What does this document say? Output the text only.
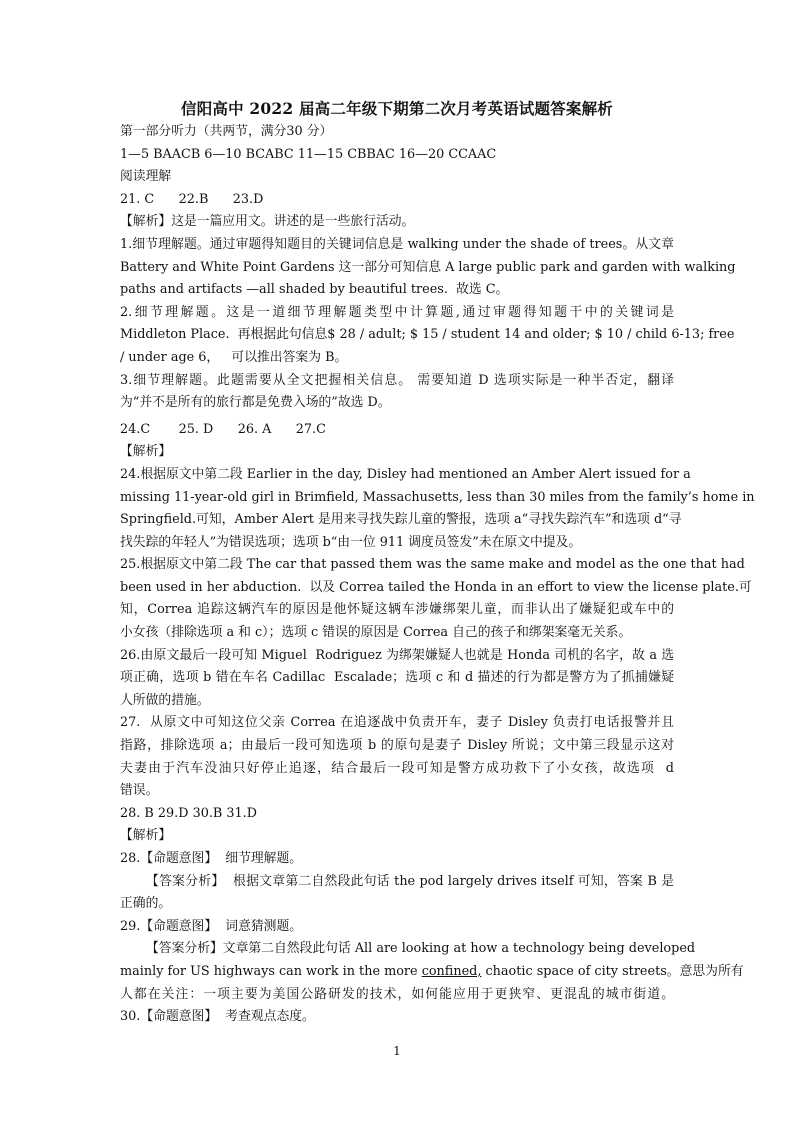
信阳高中 2022 届高二年级下期第二次月考英语试题答案解析
第一部分听力（共两节，满分30 分）
1—5 BAACB 6—10 BCABC 11—15 CBBAC 16—20 CCAAC
阅读理解
21. C      22.B      23.D
【解析】这是一篇应用文。讲述的是一些旅行活动。
1.细节理解题。通过审题得知题目的关键词信息是 walking under the shade of trees。从文章
Battery and White Point Gardens 这一部分可知信息 A large public park and garden with walking
paths and artifacts —all shaded by beautiful trees.  故选 C。
2.细节理解题。这是一道细节理解题类型中计算题,通过审题得知题干中的关键词是
Middleton Place.  再根据此句信息$ 28 / adult; $ 15 / student 14 and older; $ 10 / child 6-13; free
/ under age 6，   可以推出答案为 B。
3.细节理解题。此题需要从全文把握相关信息。 需要知道 D 选项实际是一种半否定，翻译
为“并不是所有的旅行都是免费入场的”故选 D。
24.C       25. D      26. A      27.C
【解析】
24.根据原文中第二段 Earlier in the day, Disley had mentioned an Amber Alert issued for a
missing 11-year-old girl in Brimfield, Massachusetts, less than 30 miles from the family’s home in
Springfield.可知，Amber Alert 是用来寻找失踪儿童的警报，选项 a“寻找失踪汽车”和选项 d“寻
找失踪的年轻人”为错误选项；选项 b“由一位 911 调度员签发”未在原文中提及。
25.根据原文中第二段 The car that passed them was the same make and model as the one that had
been used in her abduction.  以及 Correa tailed the Honda in an effort to view the license plate.可
知，Correa 追踪这辆汽车的原因是他怀疑这辆车涉嫌绑架儿童，而非认出了嫌疑犯或车中的
小女孩（排除选项 a 和 c）；选项 c 错误的原因是 Correa 自己的孩子和绑架案毫无关系。
26.由原文最后一段可知 Miguel  Rodriguez 为绑架嫌疑人也就是 Honda 司机的名字，故 a 选
项正确，选项 b 错在车名 Cadillac  Escalade；选项 c 和 d 描述的行为都是警方为了抓捕嫌疑
人所做的措施。
27.  从原文中可知这位父亲 Correa 在追逐战中负责开车，妻子 Disley 负责打电话报警并且
指路，排除选项 a；由最后一段可知选项 b 的原句是妻子 Disley 所说；文中第三段显示这对
夫妻由于汽车没油只好停止追逐，结合最后一段可知是警方成功救下了小女孩，故选项  d
错误。
28. B 29.D 30.B 31.D
【解析】
28.【命题意图】  细节理解题。
【答案分析】  根据文章第二自然段此句话 the pod largely drives itself 可知，答案 B 是
正确的。
29.【命题意图】  词意猜测题。
【答案分析】文章第二自然段此句话 All are looking at how a technology being developed
mainly for US highways can work in the more confined, chaotic space of city streets。意思为所有
人都在关注：一项主要为美国公路研发的技术，如何能应用于更狭窄、更混乱的城市街道。
30.【命题意图】  考查观点态度。
1
